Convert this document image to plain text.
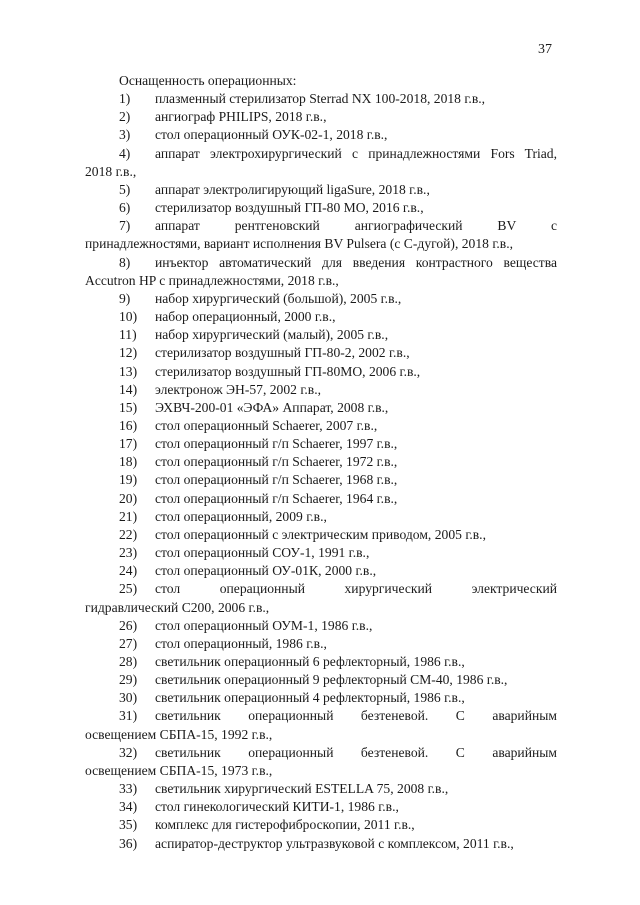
37
Оснащенность операционных:
1)	плазменный стерилизатор Sterrad NX 100-2018, 2018 г.в.,
2)	ангиограф PHILIPS, 2018 г.в.,
3)	стол операционный ОУК-02-1, 2018 г.в.,
4)	аппарат электрохирургический с принадлежностями Fors Triad,
2018 г.в.,
5)	аппарат электролигирующий ligaSure, 2018 г.в.,
6)	стерилизатор воздушный ГП-80 МО, 2016 г.в.,
7)	аппарат рентгеновский ангиографический BV с
принадлежностями, вариант исполнения BV Pulsera (с С-дугой), 2018 г.в.,
8)	инъектор автоматический для введения контрастного вещества
Accutron HP с принадлежностями, 2018 г.в.,
9)	набор хирургический (большой), 2005 г.в.,
10)	набор операционный, 2000 г.в.,
11)	набор хирургический (малый), 2005 г.в.,
12)	стерилизатор воздушный ГП-80-2, 2002 г.в.,
13)	стерилизатор воздушный ГП-80МО, 2006 г.в.,
14)	электронож ЭН-57, 2002 г.в.,
15)	ЭХВЧ-200-01 «ЭФА» Аппарат, 2008 г.в.,
16)	стол операционный Schaerer, 2007 г.в.,
17)	стол операционный г/п Schaerer, 1997 г.в.,
18)	стол операционный г/п Schaerer, 1972 г.в.,
19)	стол операционный г/п Schaerer, 1968 г.в.,
20)	стол операционный г/п Schaerer, 1964 г.в.,
21)	стол операционный, 2009 г.в.,
22)	стол операционный с электрическим приводом, 2005 г.в.,
23)	стол операционный СОУ-1, 1991 г.в.,
24)	стол операционный ОУ-01К, 2000 г.в.,
25)	стол операционный хирургический электрический
гидравлический С200, 2006 г.в.,
26)	стол операционный ОУМ-1, 1986 г.в.,
27)	стол операционный, 1986 г.в.,
28)	светильник операционный 6 рефлекторный, 1986 г.в.,
29)	светильник операционный 9 рефлекторный СМ-40, 1986 г.в.,
30)	светильник операционный 4 рефлекторный, 1986 г.в.,
31)	светильник операционный безтеневой. С аварийным
освещением СБПА-15, 1992 г.в.,
32)	светильник операционный безтеневой. С аварийным
освещением СБПА-15, 1973 г.в.,
33)	светильник хирургический ESTELLA 75, 2008 г.в.,
34)	стол гинекологический КИТИ-1, 1986 г.в.,
35)	комплекс для гистерофиброскопии, 2011 г.в.,
36)	аспиратор-деструктор ультразвуковой с комплексом, 2011 г.в.,
